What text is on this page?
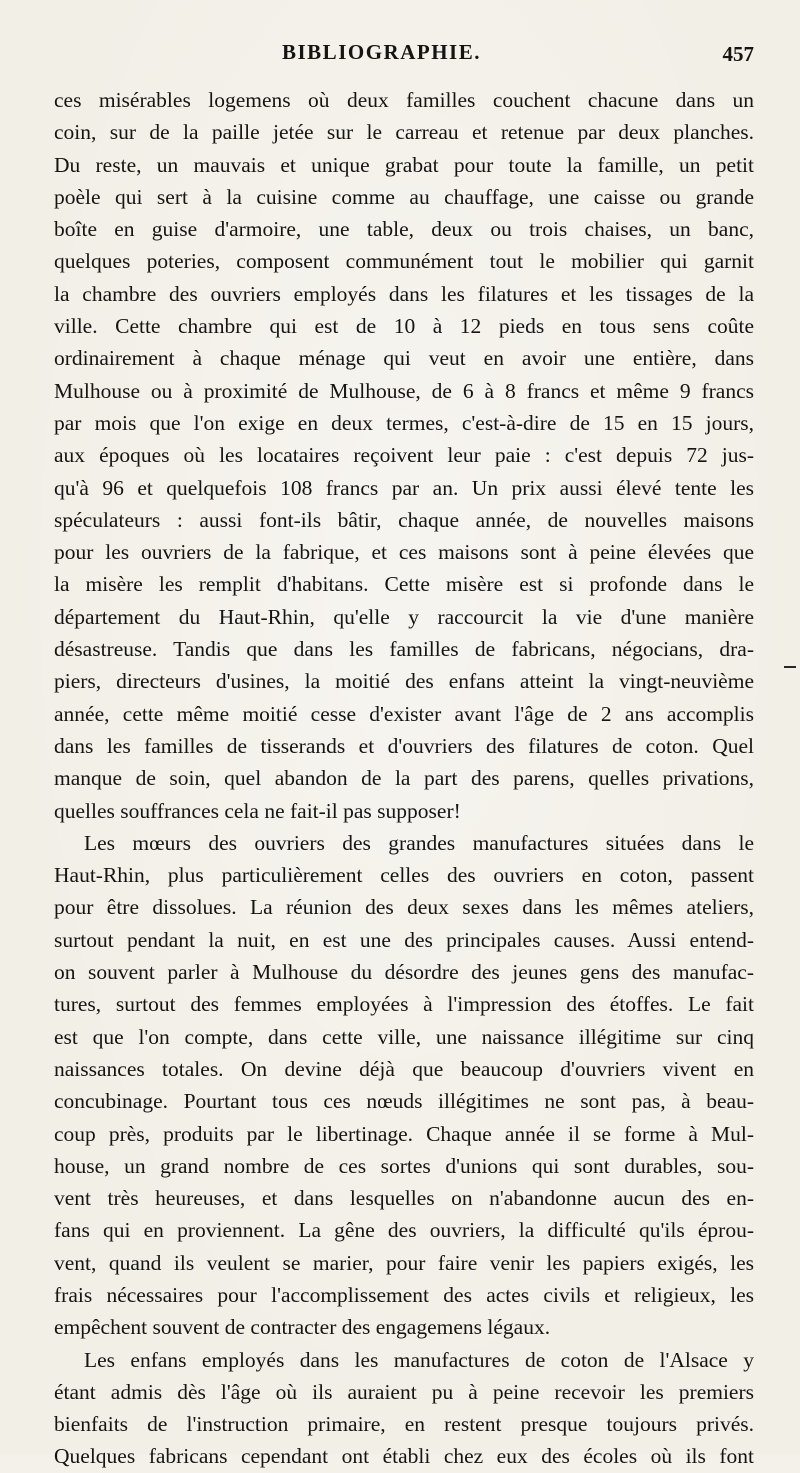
BIBLIOGRAPHIE.	457
ces misérables logemens où deux familles couchent chacune dans un
coin, sur de la paille jetée sur le carreau et retenue par deux planches.
Du reste, un mauvais et unique grabat pour toute la famille, un petit
poèle qui sert à la cuisine comme au chauffage, une caisse ou grande
boîte en guise d'armoire, une table, deux ou trois chaises, un banc,
quelques poteries, composent communément tout le mobilier qui garnit
la chambre des ouvriers employés dans les filatures et les tissages de la
ville. Cette chambre qui est de 10 à 12 pieds en tous sens coûte
ordinairement à chaque ménage qui veut en avoir une entière, dans
Mulhouse ou à proximité de Mulhouse, de 6 à 8 francs et même 9 francs
par mois que l'on exige en deux termes, c'est-à-dire de 15 en 15 jours,
aux époques où les locataires reçoivent leur paie : c'est depuis 72 jus-
qu'à 96 et quelquefois 108 francs par an. Un prix aussi élevé tente les
spéculateurs : aussi font-ils bâtir, chaque année, de nouvelles maisons
pour les ouvriers de la fabrique, et ces maisons sont à peine élevées que
la misère les remplit d'habitans. Cette misère est si profonde dans le
département du Haut-Rhin, qu'elle y raccourcit la vie d'une manière
désastreuse. Tandis que dans les familles de fabricans, négocians, dra-
piers, directeurs d'usines, la moitié des enfans atteint la vingt-neuvième
année, cette même moitié cesse d'exister avant l'âge de 2 ans accomplis
dans les familles de tisserands et d'ouvriers des filatures de coton. Quel
manque de soin, quel abandon de la part des parens, quelles privations,
quelles souffrances cela ne fait-il pas supposer!
Les mœurs des ouvriers des grandes manufactures situées dans le
Haut-Rhin, plus particulièrement celles des ouvriers en coton, passent
pour être dissolues. La réunion des deux sexes dans les mêmes ateliers,
surtout pendant la nuit, en est une des principales causes. Aussi entend-
on souvent parler à Mulhouse du désordre des jeunes gens des manufac-
tures, surtout des femmes employées à l'impression des étoffes. Le fait
est que l'on compte, dans cette ville, une naissance illégitime sur cinq
naissances totales. On devine déjà que beaucoup d'ouvriers vivent en
concubinage. Pourtant tous ces nœuds illégitimes ne sont pas, à beau-
coup près, produits par le libertinage. Chaque année il se forme à Mul-
house, un grand nombre de ces sortes d'unions qui sont durables, sou-
vent très heureuses, et dans lesquelles on n'abandonne aucun des en-
fans qui en proviennent. La gêne des ouvriers, la difficulté qu'ils éprou-
vent, quand ils veulent se marier, pour faire venir les papiers exigés, les
frais nécessaires pour l'accomplissement des actes civils et religieux, les
empêchent souvent de contracter des engagemens légaux.
Les enfans employés dans les manufactures de coton de l'Alsace y
étant admis dès l'âge où ils auraient pu à peine recevoir les premiers
bienfaits de l'instruction primaire, en restent presque toujours privés.
Quelques fabricans cependant ont établi chez eux des écoles où ils font
